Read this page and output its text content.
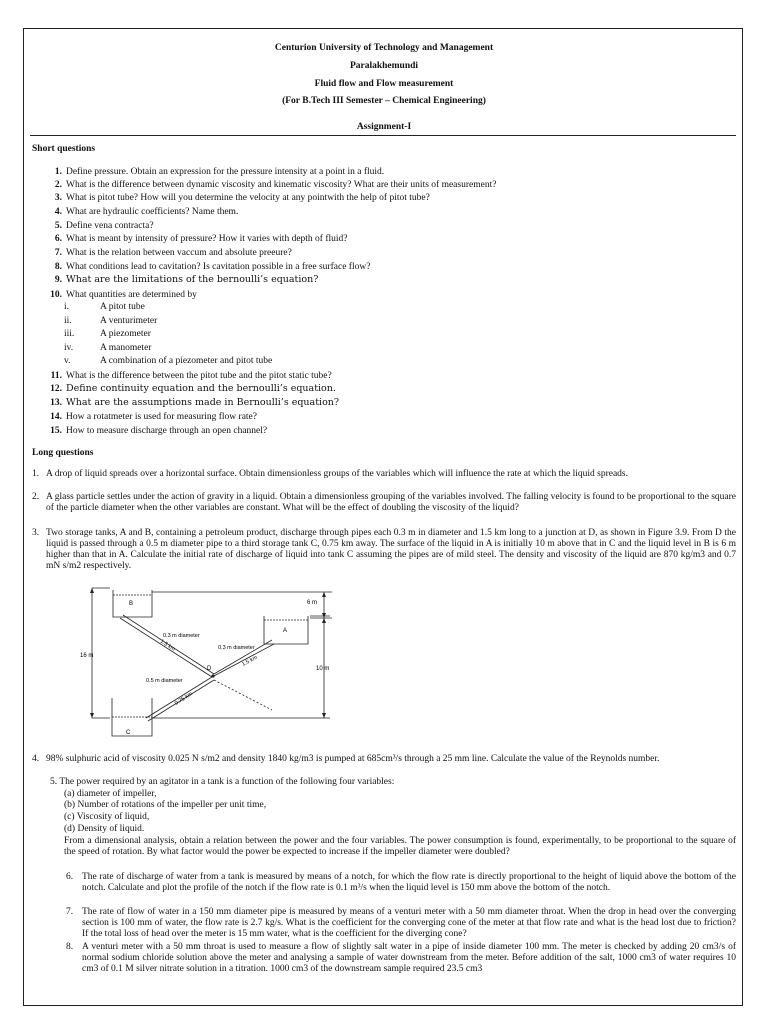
Centurion University of Technology and Management
Paralakhemundi
Fluid flow and Flow measurement
(For B.Tech III Semester – Chemical Engineering)
Assignment-I
Short questions
1. Define pressure. Obtain an expression for the pressure intensity at a point in a fluid.
2. What is the difference between dynamic viscosity and kinematic viscosity? What are their units of measurement?
3. What is pitot tube? How will you determine the velocity at any pointwith the help of pitot tube?
4. What are hydraulic coefficients? Name them.
5. Define vena contracta?
6. What is meant by intensity of pressure? How it varies with depth of fluid?
7. What is the relation between vaccum and absolute preeure?
8. What conditions lead to cavitation? Is cavitation possible in a free surface flow?
9. What are the limitations of the bernoulli’s equation?
10. What quantities are determined by
i.	A pitot tube
ii.	A venturimeter
iii.	A piezometer
iv.	A manometer
v.	A combination of a piezometer and pitot tube
11. What is the difference between the pitot tube and the pitot static tube?
12. Define continuity equation and the bernoulli’s equation.
13. What are the assumptions made in Bernoulli’s equation?
14. How a rotatmeter is used for measuring flow rate?
15. How to measure discharge through an open channel?
Long questions
1. A drop of liquid spreads over a horizontal surface. Obtain dimensionless groups of the variables which will influence the rate at which the liquid spreads.
2. A glass particle settles under the action of gravity in a liquid. Obtain a dimensionless grouping of the variables involved. The falling velocity is found to be proportional to the square of the particle diameter when the other variables are constant. What will be the effect of doubling the viscosity of the liquid?
3. Two storage tanks, A and B, containing a petroleum product, discharge through pipes each 0.3 m in diameter and 1.5 km long to a junction at D, as shown in Figure 3.9. From D the liquid is passed through a 0.5 m diameter pipe to a third storage tank C, 0.75 km away. The surface of the liquid in A is initially 10 m above that in C and the liquid level in B is 6 m higher than that in A. Calculate the initial rate of discharge of liquid into tank C assuming the pipes are of mild steel. The density and viscosity of the liquid are 870 kg/m3 and 0.7 mN s/m2 respectively.
B
A
C
D
16 m
6 m
10 m
0.3 m diameter
1.5 km	0.3 m diameter
1.5 km
0.5 m diameter
0.75 km
4. 98% sulphuric acid of viscosity 0.025 N s/m2 and density 1840 kg/m3 is pumped at 685cm³/s through a 25 mm line. Calculate the value of the Reynolds number.
5. The power required by an agitator in a tank is a function of the following four variables:
(a) diameter of impeller,
(b) Number of rotations of the impeller per unit time,
(c) Viscosity of liquid,
(d) Density of liquid.
From a dimensional analysis, obtain a relation between the power and the four variables. The power consumption is found, experimentally, to be proportional to the square of the speed of rotation. By what factor would the power be expected to increase if the impeller diameter were doubled?
6. The rate of discharge of water from a tank is measured by means of a notch, for which the flow rate is directly proportional to the height of liquid above the bottom of the notch. Calculate and plot the profile of the notch if the flow rate is 0.1 m³/s when the liquid level is 150 mm above the bottom of the notch.
7. The rate of flow of water in a 150 mm diameter pipe is measured by means of a venturi meter with a 50 mm diameter throat. When the drop in head over the converging section is 100 mm of water, the flow rate is 2.7 kg/s. What is the coefficient for the converging cone of the meter at that flow rate and what is the head lost due to friction? If the total loss of head over the meter is 15 mm water, what is the coefficient for the diverging cone?
8. A venturi meter with a 50 mm throat is used to measure a flow of slightly salt water in a pipe of inside diameter 100 mm. The meter is checked by adding 20 cm3/s of normal sodium chloride solution above the meter and analysing a sample of water downstream from the meter. Before addition of the salt, 1000 cm3 of water requires 10 cm3 of 0.1 M silver nitrate solution in a titration. 1000 cm3 of the downstream sample required 23.5 cm3
